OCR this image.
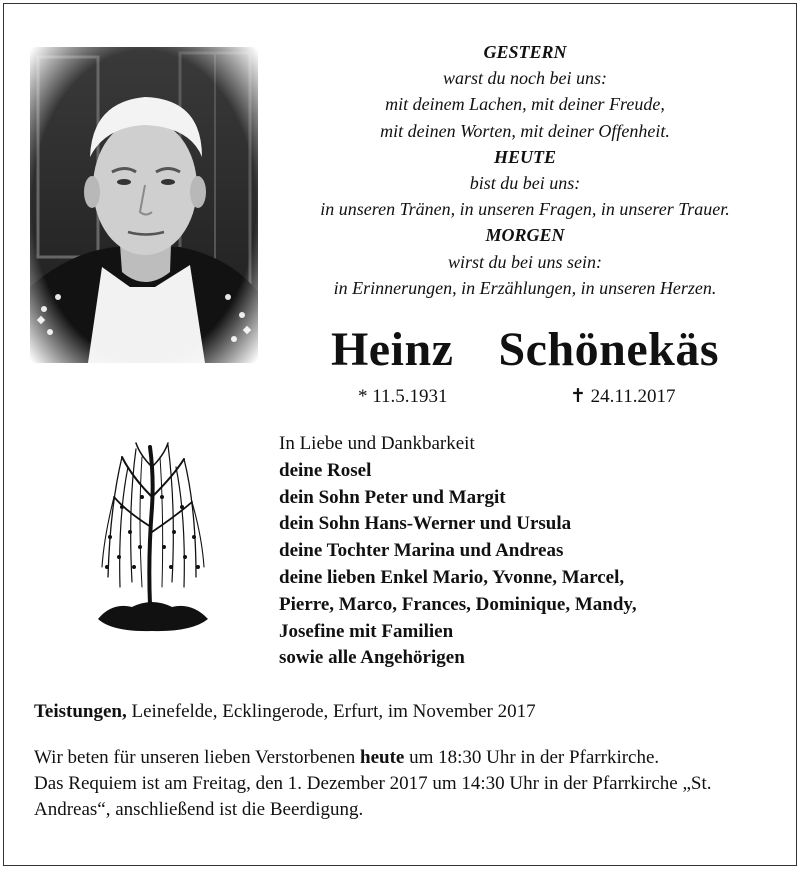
GESTERN
warst du noch bei uns:
mit deinem Lachen, mit deiner Freude,
mit deinen Worten, mit deiner Offenheit.
HEUTE
bist du bei uns:
in unseren Tränen, in unseren Fragen, in unserer Trauer.
MORGEN
wirst du bei uns sein:
in Erinnerungen, in Erzählungen, in unseren Herzen.
Heinz  Schönekäs
* 11.5.1931	✝ 24.11.2017
In Liebe und Dankbarkeit
deine Rosel
dein Sohn Peter und Margit
dein Sohn Hans-Werner und Ursula
deine Tochter Marina und Andreas
deine lieben Enkel Mario, Yvonne, Marcel,
Pierre, Marco, Frances, Dominique, Mandy,
Josefine mit Familien
sowie alle Angehörigen
Teistungen, Leinefelde, Ecklingerode, Erfurt, im November 2017
Wir beten für unseren lieben Verstorbenen heute um 18:30 Uhr in der Pfarrkirche.
Das Requiem ist am Freitag, den 1. Dezember 2017 um 14:30 Uhr in der Pfarrkirche „St. Andreas“, anschließend ist die Beerdigung.
